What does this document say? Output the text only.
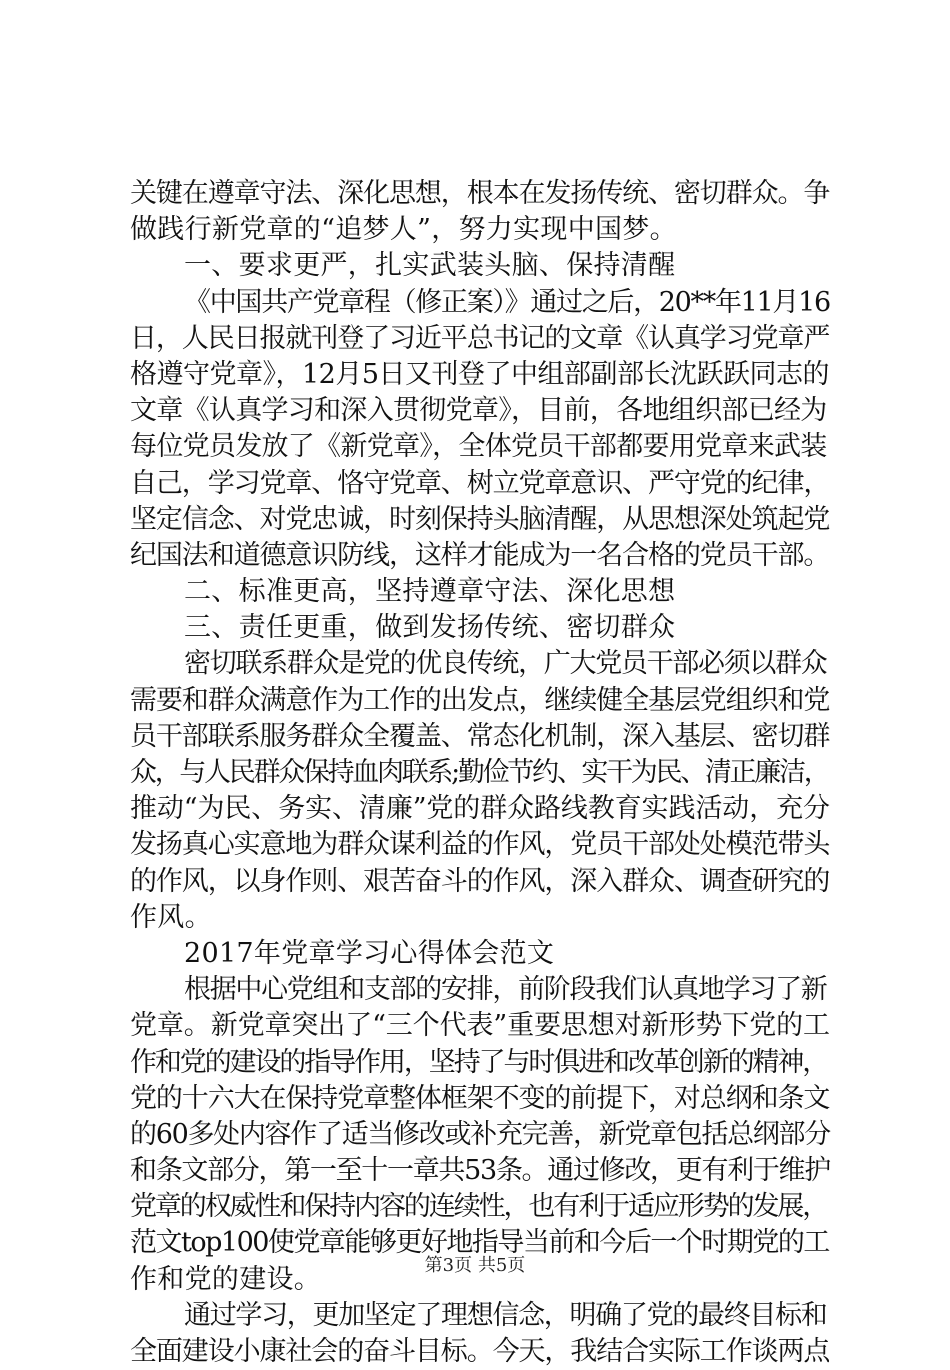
关键在遵章守法、深化思想，根本在发扬传统、密切群众。争
做践行新党章的“追梦人”，努力实现中国梦。
一、要求更严，扎实武装头脑、保持清醒
《中国共产党章程（修正案）》通过之后，20**年11月16
日，人民日报就刊登了习近平总书记的文章《认真学习党章严
格遵守党章》，12月5日又刊登了中组部副部长沈跃跃同志的
文章《认真学习和深入贯彻党章》，目前，各地组织部已经为
每位党员发放了《新党章》，全体党员干部都要用党章来武装
自己，学习党章、恪守党章、树立党章意识、严守党的纪律，
坚定信念、对党忠诚，时刻保持头脑清醒，从思想深处筑起党
纪国法和道德意识防线，这样才能成为一名合格的党员干部。
二、标准更高，坚持遵章守法、深化思想
三、责任更重，做到发扬传统、密切群众
密切联系群众是党的优良传统，广大党员干部必须以群众
需要和群众满意作为工作的出发点，继续健全基层党组织和党
员干部联系服务群众全覆盖、常态化机制，深入基层、密切群
众，与人民群众保持血肉联系;勤俭节约、实干为民、清正廉洁，
推动“为民、务实、清廉”党的群众路线教育实践活动，充分
发扬真心实意地为群众谋利益的作风，党员干部处处模范带头
的作风，以身作则、艰苦奋斗的作风，深入群众、调查研究的
作风。
2017年党章学习心得体会范文
根据中心党组和支部的安排，前阶段我们认真地学习了新
党章。新党章突出了“三个代表”重要思想对新形势下党的工
作和党的建设的指导作用，坚持了与时俱进和改革创新的精神，
党的十六大在保持党章整体框架不变的前提下，对总纲和条文
的60多处内容作了适当修改或补充完善，新党章包括总纲部分
和条文部分，第一至十一章共53条。通过修改，更有利于维护
党章的权威性和保持内容的连续性，也有利于适应形势的发展，
范文top100使党章能够更好地指导当前和今后一个时期党的工
作和党的建设。
通过学习，更加坚定了理想信念，明确了党的最终目标和
全面建设小康社会的奋斗目标。今天，我结合实际工作谈两点
第3页 共5页
